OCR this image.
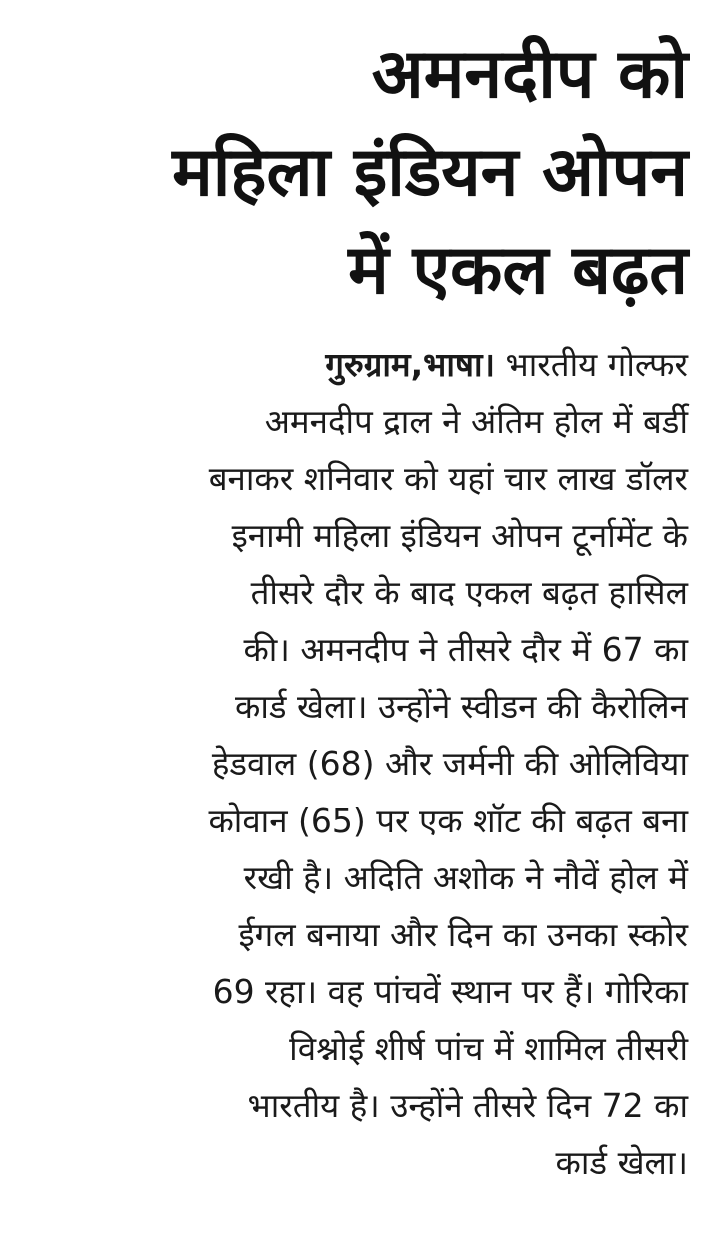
अमनदीप को
महिला इंडियन ओपन
में एकल बढ़त
गुरुग्राम,भाषा। भारतीय गोल्फर
अमनदीप द्राल ने अंतिम होल में बर्डी
बनाकर शनिवार को यहां चार लाख डॉलर
इनामी महिला इंडियन ओपन टूर्नामेंट के
तीसरे दौर के बाद एकल बढ़त हासिल
की। अमनदीप ने तीसरे दौर में 67 का
कार्ड खेला। उन्होंने स्वीडन की कैरोलिन
हेडवाल (68) और जर्मनी की ओलिविया
कोवान (65) पर एक शॉट की बढ़त बना
रखी है। अदिति अशोक ने नौवें होल में
ईगल बनाया और दिन का उनका स्कोर
69 रहा। वह पांचवें स्थान पर हैं। गोरिका
विश्नोई शीर्ष पांच में शामिल तीसरी
भारतीय है। उन्होंने तीसरे दिन 72 का
कार्ड खेला।
